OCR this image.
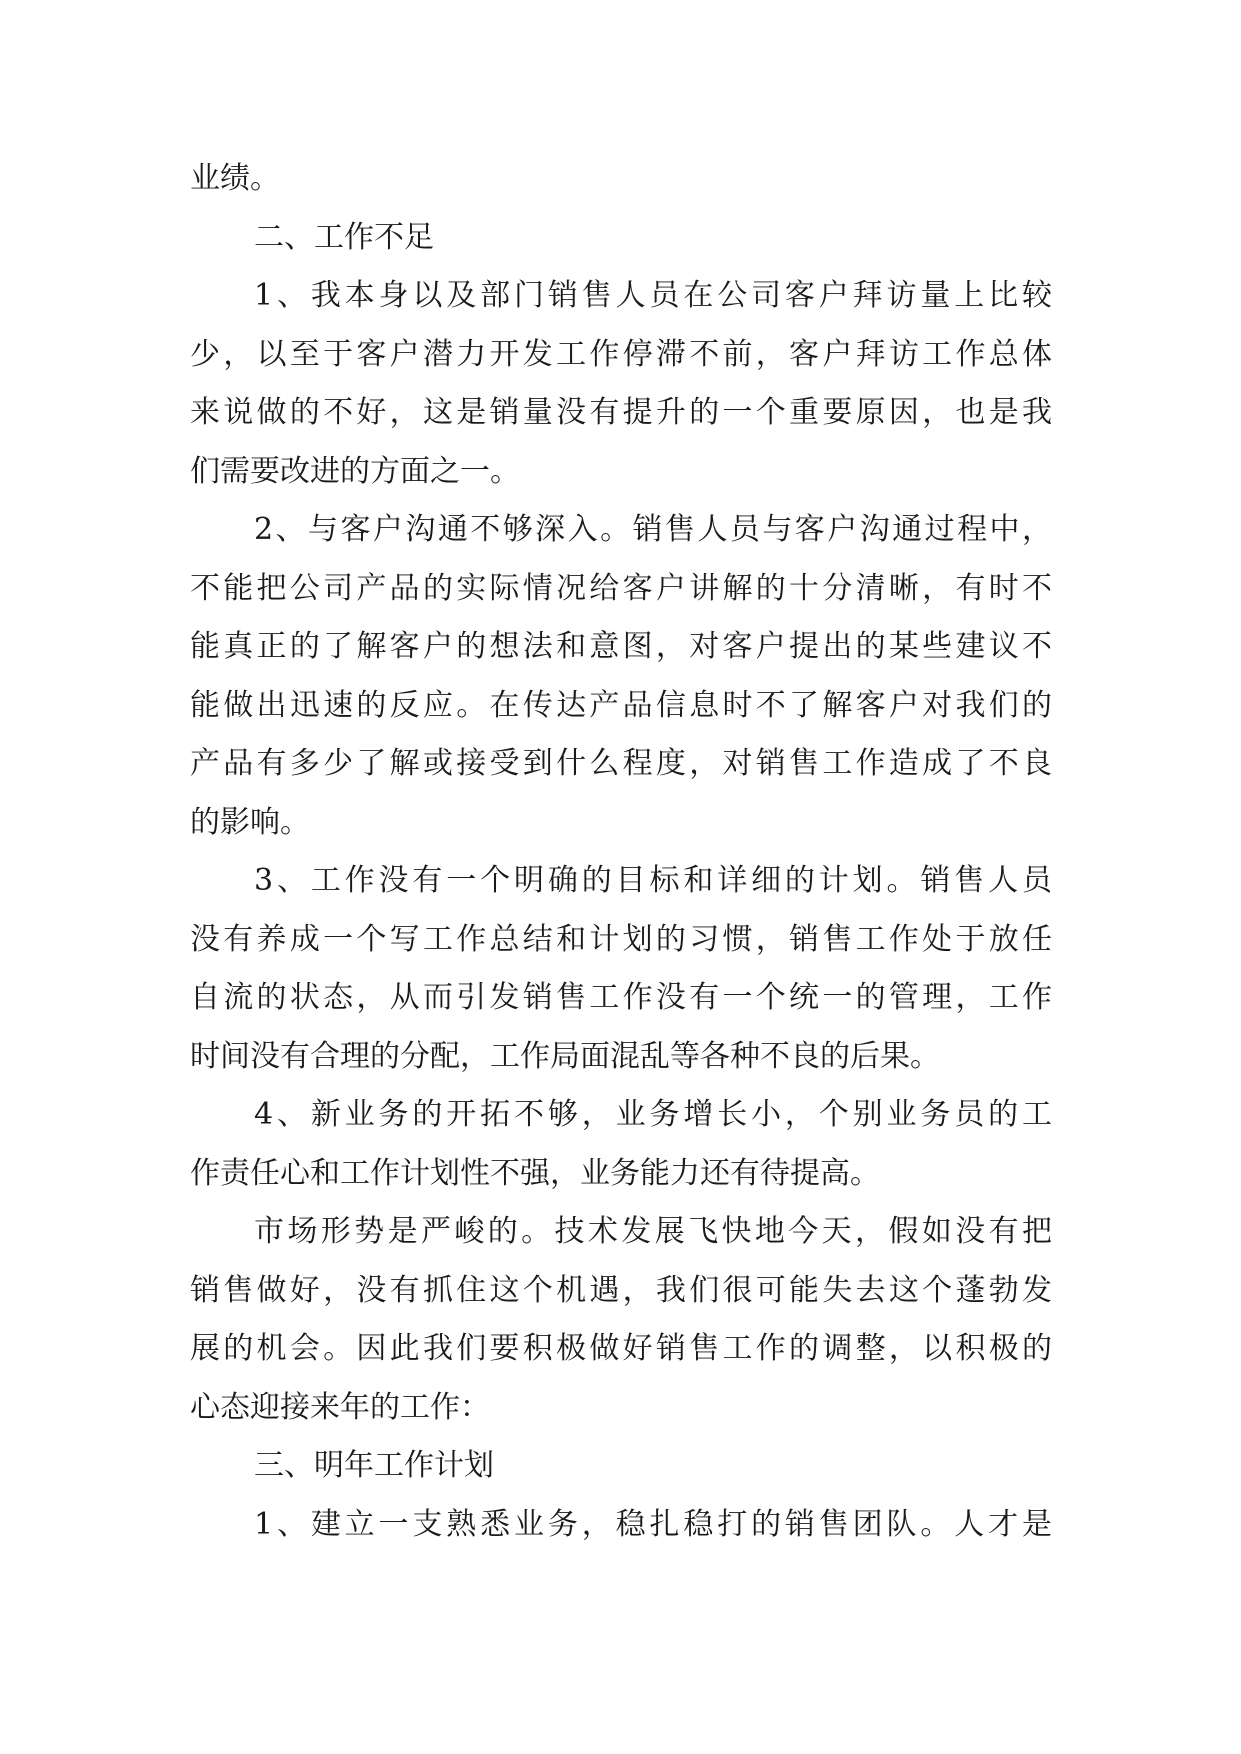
业绩。
二、工作不足
1、我本身以及部门销售人员在公司客户拜访量上比较
少，以至于客户潜力开发工作停滞不前，客户拜访工作总体
来说做的不好，这是销量没有提升的一个重要原因，也是我
们需要改进的方面之一。
2、与客户沟通不够深入。销售人员与客户沟通过程中，
不能把公司产品的实际情况给客户讲解的十分清晰，有时不
能真正的了解客户的想法和意图，对客户提出的某些建议不
能做出迅速的反应。在传达产品信息时不了解客户对我们的
产品有多少了解或接受到什么程度，对销售工作造成了不良
的影响。
3、工作没有一个明确的目标和详细的计划。销售人员
没有养成一个写工作总结和计划的习惯，销售工作处于放任
自流的状态，从而引发销售工作没有一个统一的管理，工作
时间没有合理的分配，工作局面混乱等各种不良的后果。
4、新业务的开拓不够，业务增长小，个别业务员的工
作责任心和工作计划性不强，业务能力还有待提高。
市场形势是严峻的。技术发展飞快地今天，假如没有把
销售做好，没有抓住这个机遇，我们很可能失去这个蓬勃发
展的机会。因此我们要积极做好销售工作的调整，以积极的
心态迎接来年的工作：
三、明年工作计划
1、建立一支熟悉业务，稳扎稳打的销售团队。人才是
